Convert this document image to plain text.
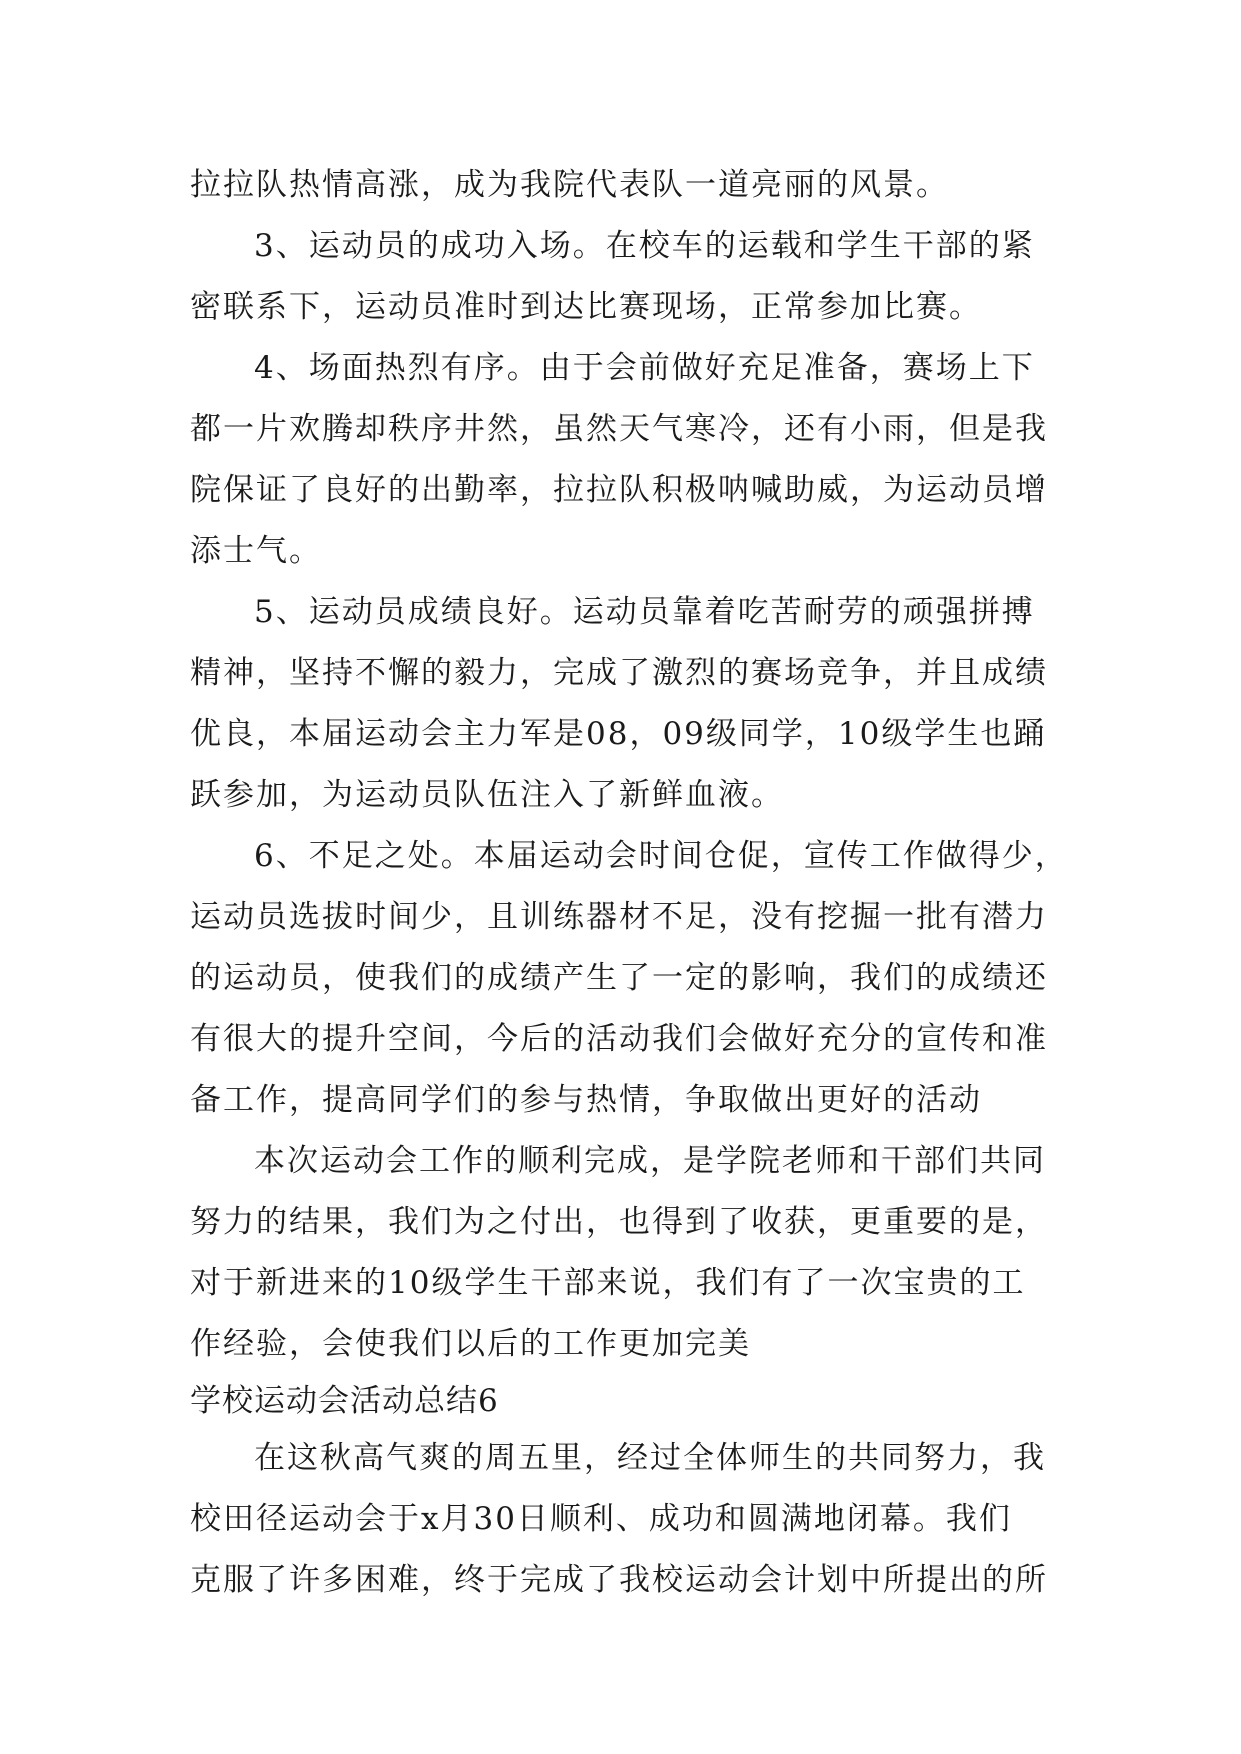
拉拉队热情高涨，成为我院代表队一道亮丽的风景。
3、运动员的成功入场。在校车的运载和学生干部的紧
密联系下，运动员准时到达比赛现场，正常参加比赛。
4、场面热烈有序。由于会前做好充足准备，赛场上下
都一片欢腾却秩序井然，虽然天气寒冷，还有小雨，但是我
院保证了良好的出勤率，拉拉队积极呐喊助威，为运动员增
添士气。
5、运动员成绩良好。运动员靠着吃苦耐劳的顽强拼搏
精神，坚持不懈的毅力，完成了激烈的赛场竞争，并且成绩
优良，本届运动会主力军是08，09级同学，10级学生也踊
跃参加，为运动员队伍注入了新鲜血液。
6、不足之处。本届运动会时间仓促，宣传工作做得少，
运动员选拔时间少，且训练器材不足，没有挖掘一批有潜力
的运动员，使我们的成绩产生了一定的影响，我们的成绩还
有很大的提升空间，今后的活动我们会做好充分的宣传和准
备工作，提高同学们的参与热情，争取做出更好的活动
本次运动会工作的顺利完成，是学院老师和干部们共同
努力的结果，我们为之付出，也得到了收获，更重要的是，
对于新进来的10级学生干部来说，我们有了一次宝贵的工
作经验，会使我们以后的工作更加完美
学校运动会活动总结6
在这秋高气爽的周五里，经过全体师生的共同努力，我
校田径运动会于x月30日顺利、成功和圆满地闭幕。我们
克服了许多困难，终于完成了我校运动会计划中所提出的所
